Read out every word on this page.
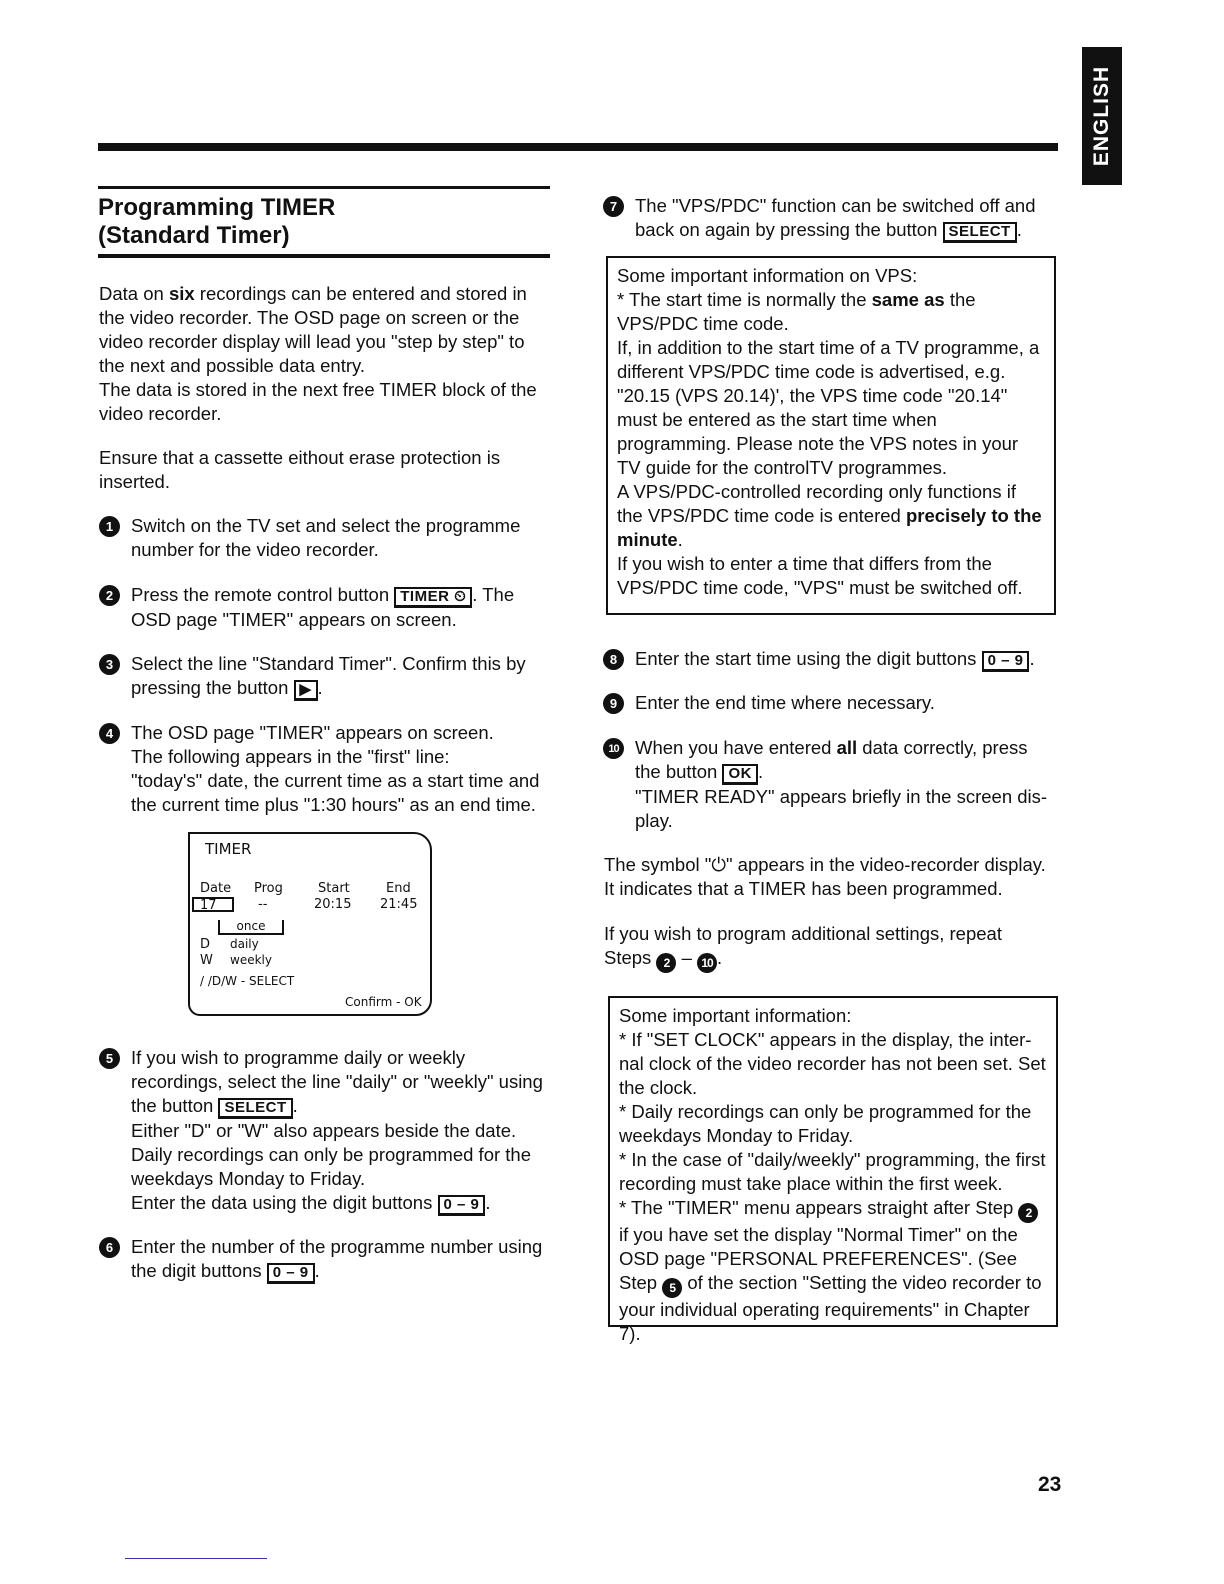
ENGLISH
Programming TIMER
(Standard Timer)
Data on six recordings can be entered and stored in the video recorder. The OSD page on screen or the video recorder display will lead you "step by step" to the next and possible data entry.
The data is stored in the next free TIMER block of the video recorder.
Ensure that a cassette eithout erase protection is inserted.
1 Switch on the TV set and select the programme number for the video recorder.
2 Press the remote control button TIMER ⏲ . The OSD page "TIMER" appears on screen.
3 Select the line "Standard Timer". Confirm this by pressing the button ▶ .
4 The OSD page "TIMER" appears on screen.
The following appears in the "first" line:
"today's" date, the current time as a start time and the current time plus "1:30 hours" as an end time.
TIMER
Date Prog	Start	End
17	--	20:15 21:45
once
D daily
W weekly
/ /D/W - SELECT
Confirm - OK
5 If you wish to programme daily or weekly recordings, select the line "daily" or "weekly" using the button SELECT .
Either "D" or "W" also appears beside the date.
Daily recordings can only be programmed for the weekdays Monday to Friday.
Enter the data using the digit buttons 0 – 9 .
6 Enter the number of the programme number using the digit buttons 0 – 9 .
7 The "VPS/PDC" function can be switched off and back on again by pressing the button SELECT .
Some important information on VPS:
* The start time is normally the same as the VPS/PDC time code.
If, in addition to the start time of a TV programme, a different VPS/PDC time code is advertised, e.g. "20.15 (VPS 20.14)', the VPS time code "20.14" must be entered as the start time when programming. Please note the VPS notes in your TV guide for the controlTV programmes.
A VPS/PDC-controlled recording only functions if the VPS/PDC time code is entered precisely to the minute.
If you wish to enter a time that differs from the VPS/PDC time code, "VPS" must be switched off.
8 Enter the start time using the digit buttons 0 – 9 .
9 Enter the end time where necessary.
10 When you have entered all data correctly, press the button OK .
"TIMER READY" appears briefly in the screen dis-play.
The symbol "⏻" appears in the video-recorder display.
It indicates that a TIMER has been programmed.
If you wish to program additional settings, repeat Steps 2 – 10 .
Some important information:
* If "SET CLOCK" appears in the display, the inter-nal clock of the video recorder has not been set. Set the clock.
* Daily recordings can only be programmed for the weekdays Monday to Friday.
* In the case of "daily/weekly" programming, the first recording must take place within the first week.
* The "TIMER" menu appears straight after Step 2 if you have set the display "Normal Timer" on the OSD page "PERSONAL PREFERENCES". (See Step 5 of the section "Setting the video recorder to your individual operating requirements" in Chapter 7).
23
